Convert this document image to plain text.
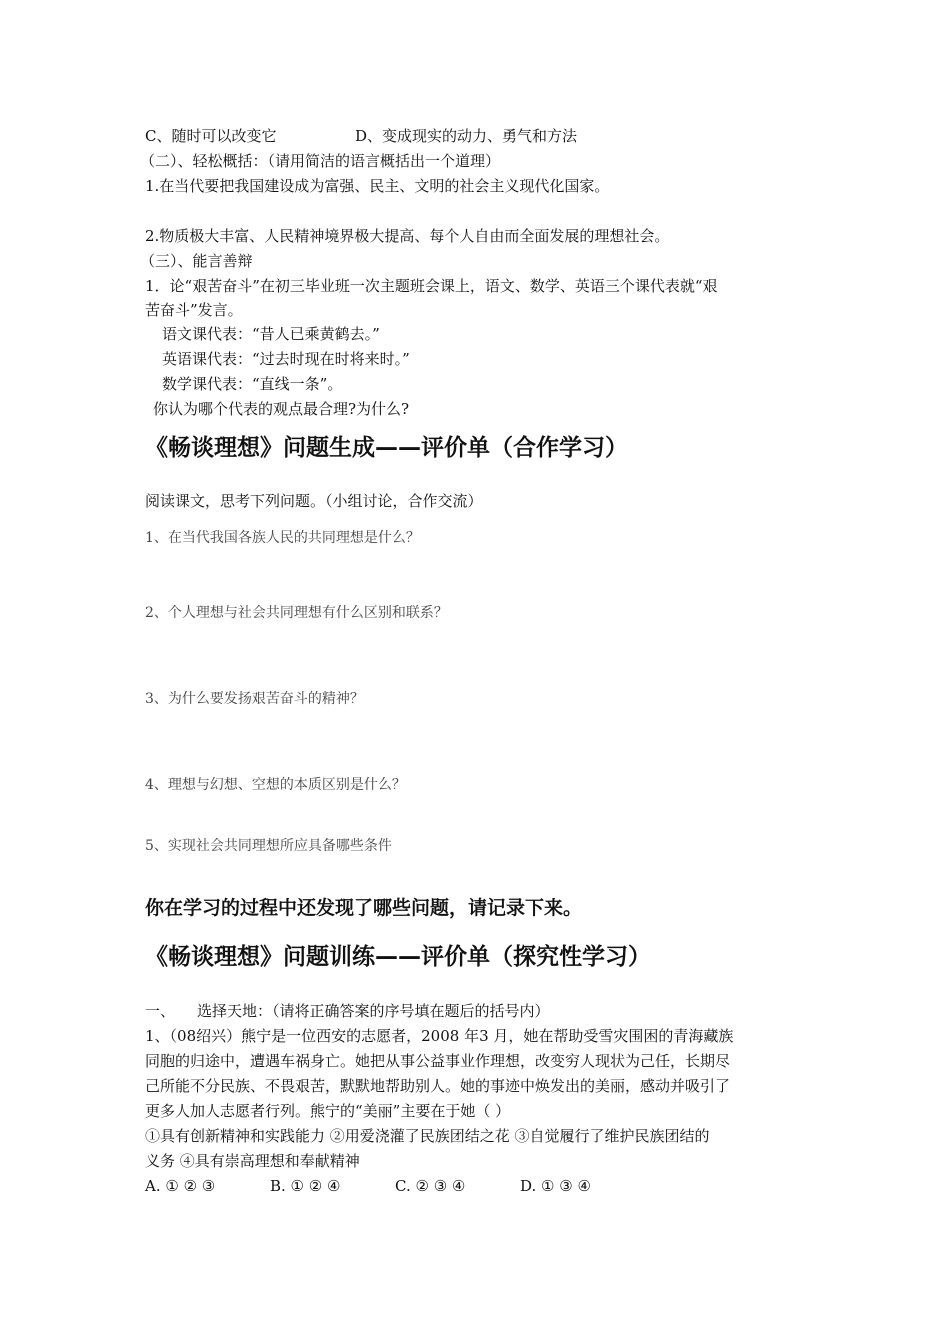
C、随时可以改变它	D、变成现实的动力、勇气和方法
（二）、轻松概括：（请用简洁的语言概括出一个道理）
1.在当代要把我国建设成为富强、民主、文明的社会主义现代化国家。
2.物质极大丰富、人民精神境界极大提高、每个人自由而全面发展的理想社会。
（三）、能言善辩
1．论“艰苦奋斗”在初三毕业班一次主题班会课上，语文、数学、英语三个课代表就“艰
苦奋斗”发言。
语文课代表：“昔人已乘黄鹤去。”
英语课代表：“过去时现在时将来时。”
数学课代表：“直线一条”。
你认为哪个代表的观点最合理?为什么?
《畅谈理想》问题生成——评价单（合作学习）
阅读课文，思考下列问题。（小组讨论，合作交流）
1、在当代我国各族人民的共同理想是什么？
2、个人理想与社会共同理想有什么区别和联系？
3、为什么要发扬艰苦奋斗的精神？
4、理想与幻想、空想的本质区别是什么？
5、实现社会共同理想所应具备哪些条件
你在学习的过程中还发现了哪些问题，请记录下来。
《畅谈理想》问题训练——评价单（探究性学习）
一、 选择天地：（请将正确答案的序号填在题后的括号内）
1、（08绍兴）熊宁是一位西安的志愿者，2008 年3 月，她在帮助受雪灾围困的青海藏族
同胞的归途中，遭遇车祸身亡。她把从事公益事业作理想，改变穷人现状为己任，长期尽
己所能不分民族、不畏艰苦，默默地帮助别人。她的事迹中焕发出的美丽，感动并吸引了
更多人加人志愿者行列。熊宁的“美丽”主要在于她（ ）
①具有创新精神和实践能力 ②用爱浇灌了民族团结之花 ③自觉履行了维护民族团结的
义务 ④具有崇高理想和奉献精神
A. ① ② ③	B. ① ② ④	C. ② ③ ④	D. ① ③ ④
